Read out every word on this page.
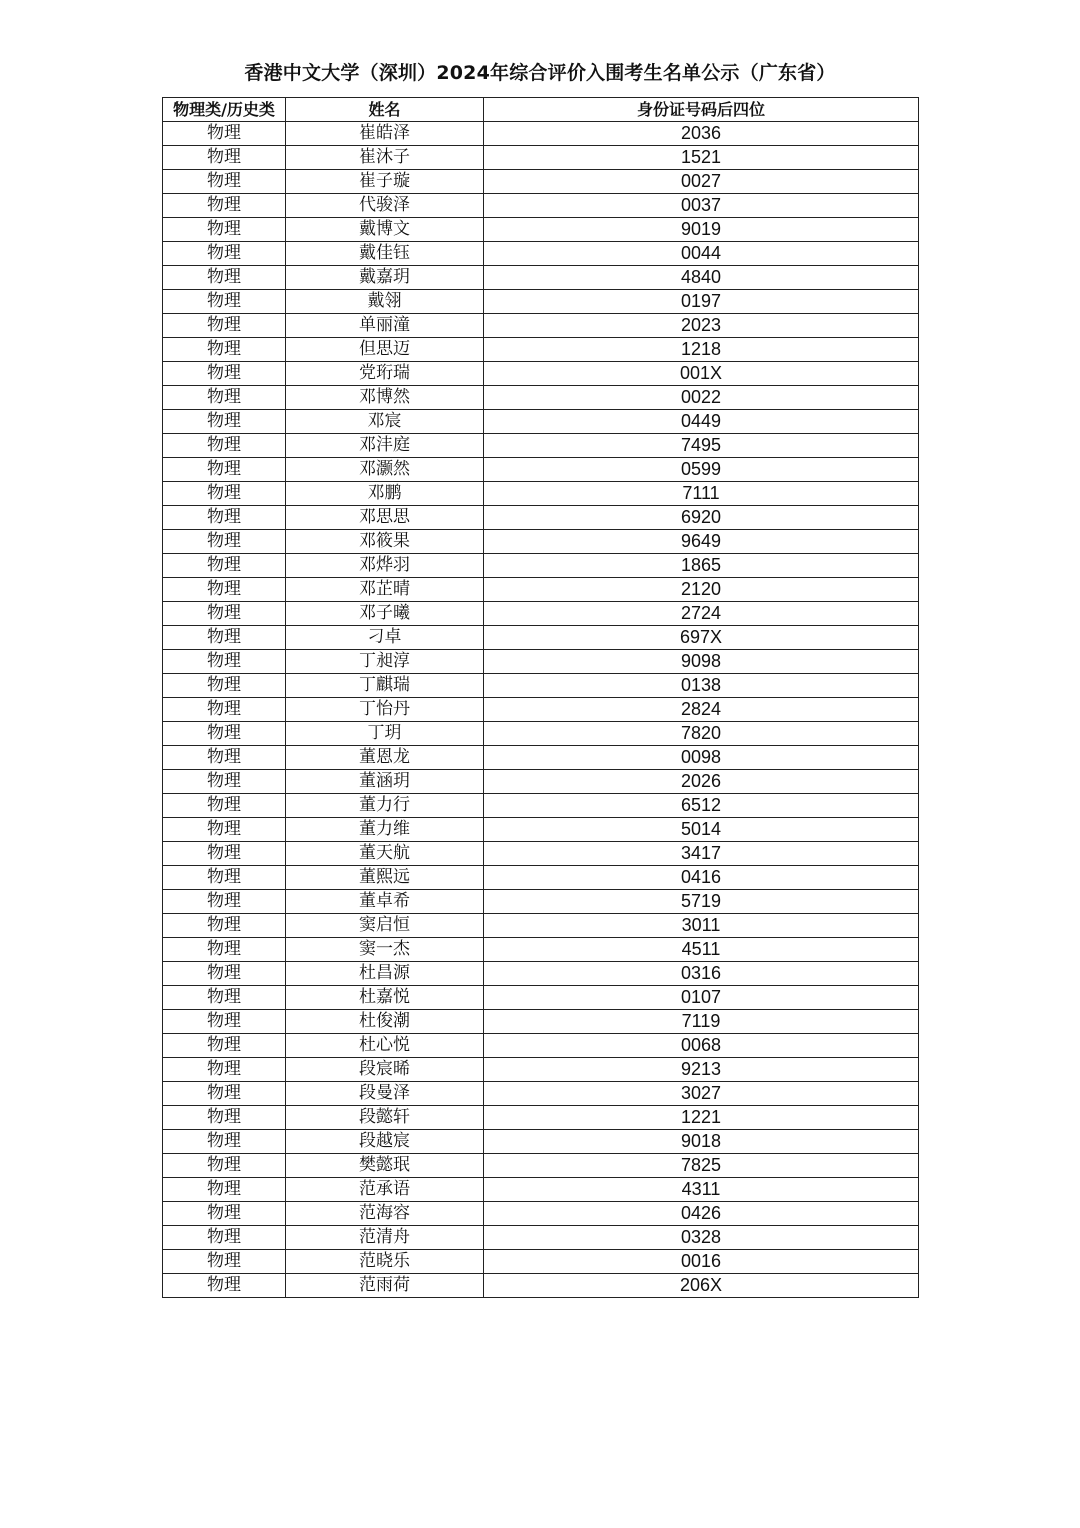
香港中文大学（深圳）2024年综合评价入围考生名单公示（广东省）
物理类/历史类	姓名	身份证号码后四位
物理	崔皓泽	2036
物理	崔沐子	1521
物理	崔子璇	0027
物理	代骏泽	0037
物理	戴博文	9019
物理	戴佳钰	0044
物理	戴嘉玥	4840
物理	戴翎	0197
物理	单丽潼	2023
物理	但思迈	1218
物理	党珩瑞	001X
物理	邓博然	0022
物理	邓宸	0449
物理	邓沣庭	7495
物理	邓灏然	0599
物理	邓鹏	7111
物理	邓思思	6920
物理	邓筱果	9649
物理	邓烨羽	1865
物理	邓芷晴	2120
物理	邓子曦	2724
物理	刁卓	697X
物理	丁昶淳	9098
物理	丁麒瑞	0138
物理	丁怡丹	2824
物理	丁玥	7820
物理	董恩龙	0098
物理	董涵玥	2026
物理	董力行	6512
物理	董力维	5014
物理	董天航	3417
物理	董熙远	0416
物理	董卓希	5719
物理	窦启恒	3011
物理	窦一杰	4511
物理	杜昌源	0316
物理	杜嘉悦	0107
物理	杜俊潮	7119
物理	杜心悦	0068
物理	段宸晞	9213
物理	段曼泽	3027
物理	段懿轩	1221
物理	段越宸	9018
物理	樊懿珉	7825
物理	范承语	4311
物理	范海容	0426
物理	范清舟	0328
物理	范晓乐	0016
物理	范雨荷	206X
